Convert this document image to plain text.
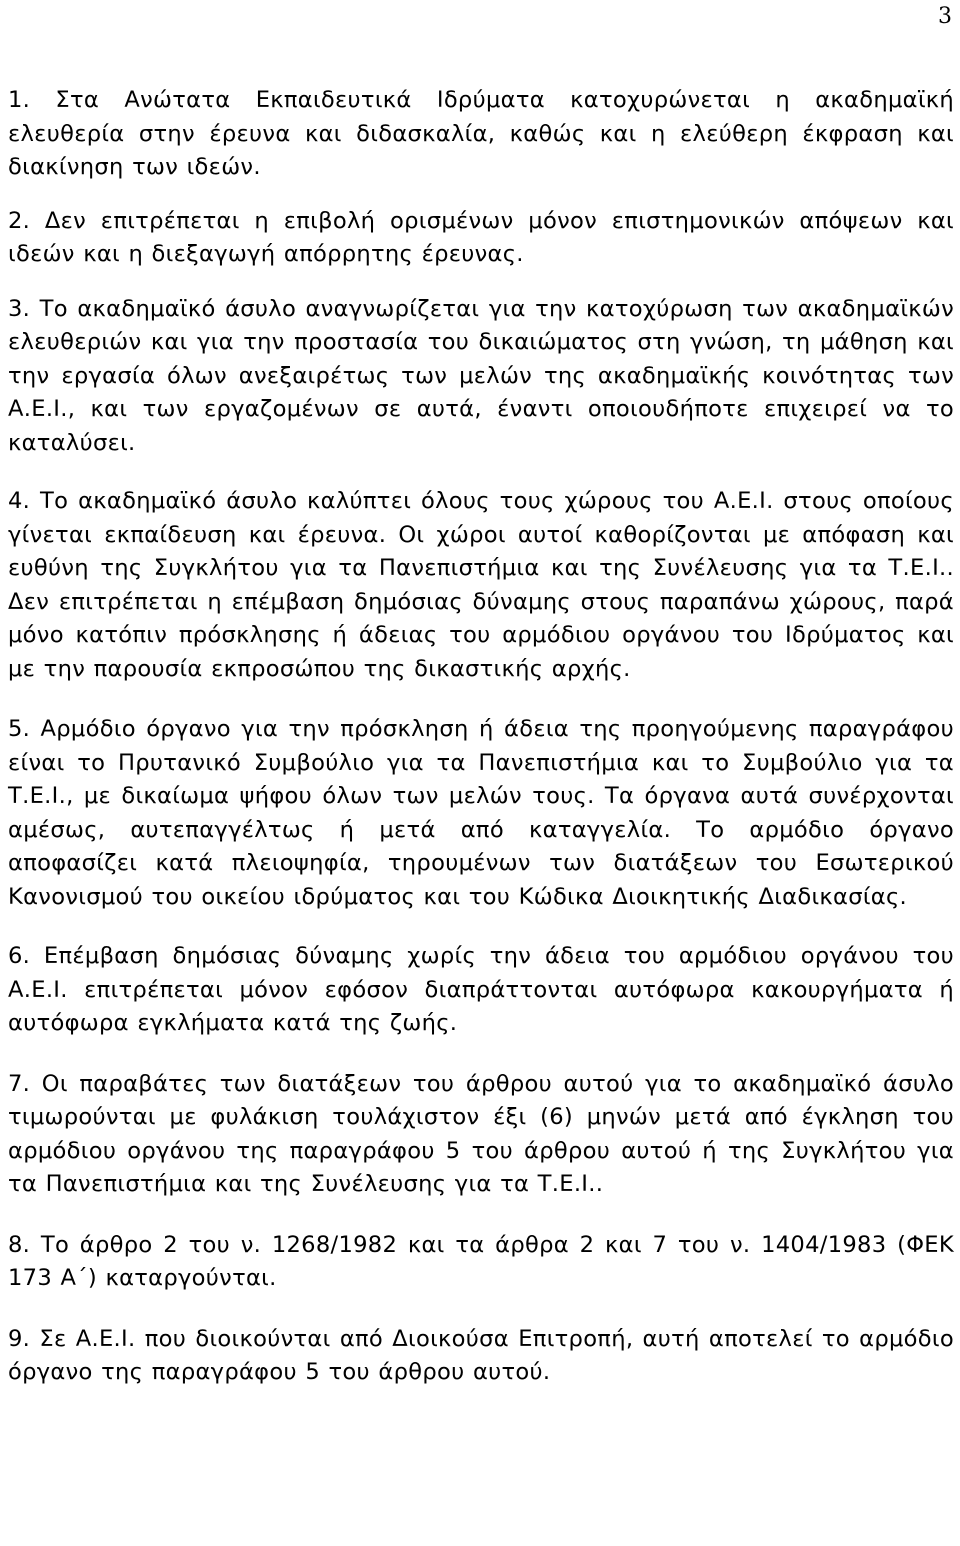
3

1. Στα Ανώτατα Εκπαιδευτικά Ιδρύματα κατοχυρώνεται η ακαδημαϊκή ελευθερία στην έρευνα και διδασκαλία, καθώς και η ελεύθερη έκφραση και διακίνηση των ιδεών.

2. Δεν επιτρέπεται η επιβολή ορισμένων μόνον επιστημονικών απόψεων και ιδεών και η διεξαγωγή απόρρητης έρευνας.

3. Το ακαδημαϊκό άσυλο αναγνωρίζεται για την κατοχύρωση των ακαδημαϊκών ελευθεριών και για την προστασία του δικαιώματος στη γνώση, τη μάθηση και την εργασία όλων ανεξαιρέτως των μελών της ακαδημαϊκής κοινότητας των Α.Ε.Ι., και των εργαζομένων σε αυτά, έναντι οποιουδήποτε επιχειρεί να το καταλύσει.

4. Το ακαδημαϊκό άσυλο καλύπτει όλους τους χώρους του Α.Ε.Ι. στους οποίους γίνεται εκπαίδευση και έρευνα. Οι χώροι αυτοί καθορίζονται με απόφαση και ευθύνη της Συγκλήτου για τα Πανεπιστήμια και της Συνέλευσης για τα Τ.Ε.Ι.. Δεν επιτρέπεται η επέμβαση δημόσιας δύναμης στους παραπάνω χώρους, παρά μόνο κατόπιν πρόσκλησης ή άδειας του αρμόδιου οργάνου του Ιδρύματος και με την παρουσία εκπροσώπου της δικαστικής αρχής.

5. Αρμόδιο όργανο για την πρόσκληση ή άδεια της προηγούμενης παραγράφου είναι το Πρυτανικό Συμβούλιο για τα Πανεπιστήμια και το Συμβούλιο για τα Τ.Ε.Ι., με δικαίωμα ψήφου όλων των μελών τους. Τα όργανα αυτά συνέρχονται αμέσως, αυτεπαγγέλτως ή μετά από καταγγελία. Το αρμόδιο όργανο αποφασίζει κατά πλειοψηφία, τηρουμένων των διατάξεων του Εσωτερικού Κανονισμού του οικείου ιδρύματος και του Κώδικα Διοικητικής Διαδικασίας.

6. Επέμβαση δημόσιας δύναμης χωρίς την άδεια του αρμόδιου οργάνου του Α.Ε.Ι. επιτρέπεται μόνον εφόσον διαπράττονται αυτόφωρα κακουργήματα ή αυτόφωρα εγκλήματα κατά της ζωής.

7. Οι παραβάτες των διατάξεων του άρθρου αυτού για το ακαδημαϊκό άσυλο τιμωρούνται με φυλάκιση τουλάχιστον έξι (6) μηνών μετά από έγκληση του αρμόδιου οργάνου της παραγράφου 5 του άρθρου αυτού ή της Συγκλήτου για τα Πανεπιστήμια και της Συνέλευσης για τα Τ.Ε.Ι..

8. Το άρθρο 2 του ν. 1268/1982 και τα άρθρα 2 και 7 του ν. 1404/1983 (ΦΕΚ 173 Α΄) καταργούνται.

9. Σε Α.Ε.Ι. που διοικούνται από Διοικούσα Επιτροπή, αυτή αποτελεί το αρμόδιο όργανο της παραγράφου 5 του άρθρου αυτού.
